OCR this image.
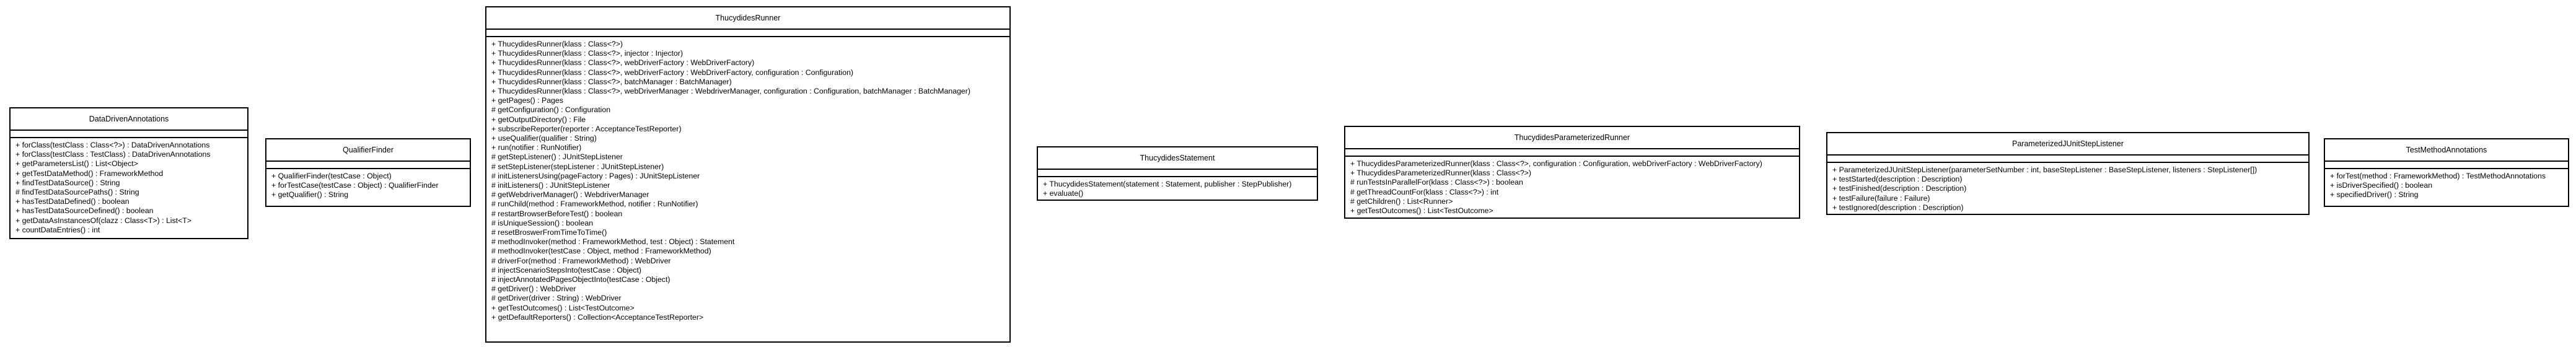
DataDrivenAnnotations
+ forClass(testClass : Class<?>) : DataDrivenAnnotations
+ forClass(testClass : TestClass) : DataDrivenAnnotations
+ getParametersList() : List<Object>
+ getTestDataMethod() : FrameworkMethod
+ findTestDataSource() : String
# findTestDataSourcePaths() : String
+ hasTestDataDefined() : boolean
+ hasTestDataSourceDefined() : boolean
+ getDataAsInstancesOf(clazz : Class<T>) : List<T>
+ countDataEntries() : int
QualifierFinder
+ QualifierFinder(testCase : Object)
+ forTestCase(testCase : Object) : QualifierFinder
+ getQualifier() : String
ThucydidesRunner
+ ThucydidesRunner(klass : Class<?>)
+ ThucydidesRunner(klass : Class<?>, injector : Injector)
+ ThucydidesRunner(klass : Class<?>, webDriverFactory : WebDriverFactory)
+ ThucydidesRunner(klass : Class<?>, webDriverFactory : WebDriverFactory, configuration : Configuration)
+ ThucydidesRunner(klass : Class<?>, batchManager : BatchManager)
+ ThucydidesRunner(klass : Class<?>, webDriverManager : WebdriverManager, configuration : Configuration, batchManager : BatchManager)
+ getPages() : Pages
# getConfiguration() : Configuration
+ getOutputDirectory() : File
+ subscribeReporter(reporter : AcceptanceTestReporter)
+ useQualifier(qualifier : String)
+ run(notifier : RunNotifier)
# getStepListener() : JUnitStepListener
# setStepListener(stepListener : JUnitStepListener)
# initListenersUsing(pageFactory : Pages) : JUnitStepListener
# initListeners() : JUnitStepListener
# getWebdriverManager() : WebdriverManager
# runChild(method : FrameworkMethod, notifier : RunNotifier)
# restartBrowserBeforeTest() : boolean
# isUniqueSession() : boolean
# resetBroswerFromTimeToTime()
# methodInvoker(method : FrameworkMethod, test : Object) : Statement
# methodInvoker(testCase : Object, method : FrameworkMethod)
# driverFor(method : FrameworkMethod) : WebDriver
# injectScenarioStepsInto(testCase : Object)
# injectAnnotatedPagesObjectInto(testCase : Object)
# getDriver() : WebDriver
# getDriver(driver : String) : WebDriver
+ getTestOutcomes() : List<TestOutcome>
+ getDefaultReporters() : Collection<AcceptanceTestReporter>
ThucydidesStatement
+ ThucydidesStatement(statement : Statement, publisher : StepPublisher)
+ evaluate()
ThucydidesParameterizedRunner
+ ThucydidesParameterizedRunner(klass : Class<?>, configuration : Configuration, webDriverFactory : WebDriverFactory)
+ ThucydidesParameterizedRunner(klass : Class<?>)
# runTestsInParallelFor(klass : Class<?>) : boolean
# getThreadCountFor(klass : Class<?>) : int
# getChildren() : List<Runner>
+ getTestOutcomes() : List<TestOutcome>
ParameterizedJUnitStepListener
+ ParameterizedJUnitStepListener(parameterSetNumber : int, baseStepListener : BaseStepListener, listeners : StepListener[])
+ testStarted(description : Description)
+ testFinished(description : Description)
+ testFailure(failure : Failure)
+ testIgnored(description : Description)
TestMethodAnnotations
+ forTest(method : FrameworkMethod) : TestMethodAnnotations
+ isDriverSpecified() : boolean
+ specifiedDriver() : String
